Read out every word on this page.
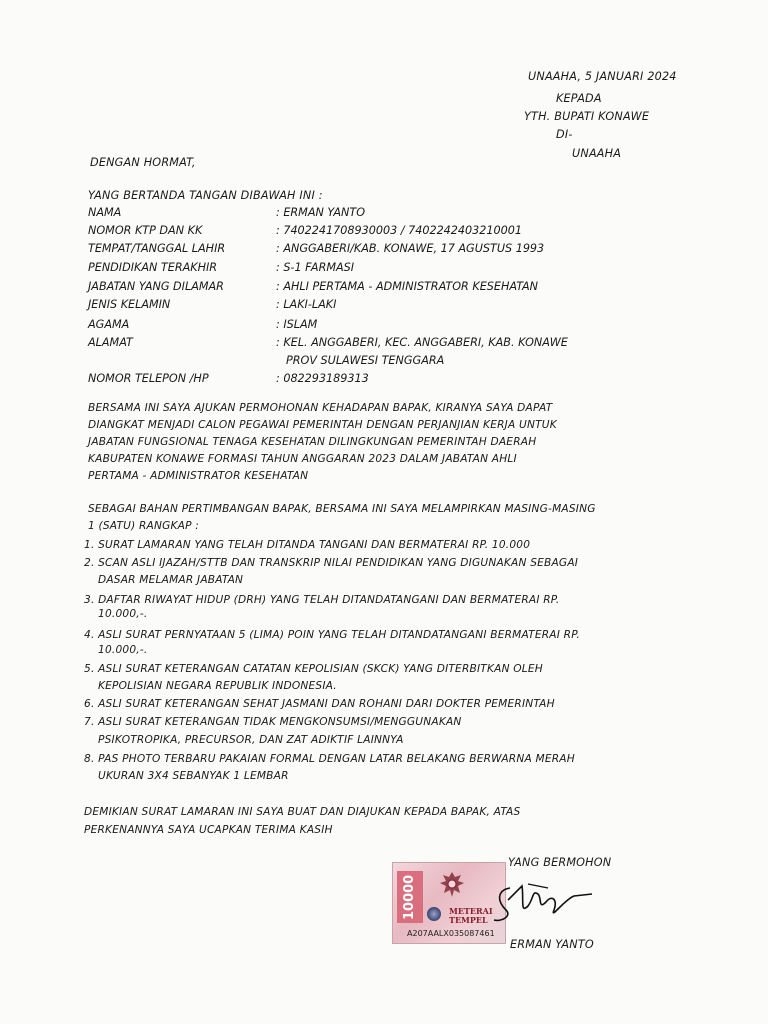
UNAAHA, 5 JANUARI 2024
KEPADA
YTH. BUPATI KONAWE
DI-
UNAAHA
DENGAN HORMAT,
YANG BERTANDA TANGAN DIBAWAH INI :
NAMA	: ERMAN YANTO
NOMOR KTP DAN KK	: 7402241708930003 / 7402242403210001
TEMPAT/TANGGAL LAHIR	: ANGGABERI/KAB. KONAWE, 17 AGUSTUS 1993
PENDIDIKAN TERAKHIR	: S-1 FARMASI
JABATAN YANG DILAMAR	: AHLI PERTAMA - ADMINISTRATOR KESEHATAN
JENIS KELAMIN	: LAKI-LAKI
AGAMA	: ISLAM
ALAMAT	: KEL. ANGGABERI, KEC. ANGGABERI, KAB. KONAWE
PROV SULAWESI TENGGARA
NOMOR TELEPON /HP	: 082293189313
BERSAMA INI SAYA AJUKAN PERMOHONAN KEHADAPAN BAPAK, KIRANYA SAYA DAPAT
DIANGKAT MENJADI CALON PEGAWAI PEMERINTAH DENGAN PERJANJIAN KERJA UNTUK
JABATAN FUNGSIONAL TENAGA KESEHATAN DILINGKUNGAN PEMERINTAH DAERAH
KABUPATEN KONAWE FORMASI TAHUN ANGGARAN 2023 DALAM JABATAN AHLI
PERTAMA - ADMINISTRATOR KESEHATAN
SEBAGAI BAHAN PERTIMBANGAN BAPAK, BERSAMA INI SAYA MELAMPIRKAN MASING-MASING
1 (SATU) RANGKAP :
1. SURAT LAMARAN YANG TELAH DITANDA TANGANI DAN BERMATERAI RP. 10.000
2. SCAN ASLI IJAZAH/STTB DAN TRANSKRIP NILAI PENDIDIKAN YANG DIGUNAKAN SEBAGAI
DASAR MELAMAR JABATAN
3. DAFTAR RIWAYAT HIDUP (DRH) YANG TELAH DITANDATANGANI DAN BERMATERAI RP.
10.000,-.
4. ASLI SURAT PERNYATAAN 5 (LIMA) POIN YANG TELAH DITANDATANGANI BERMATERAI RP.
10.000,-.
5. ASLI SURAT KETERANGAN CATATAN KEPOLISIAN (SKCK) YANG DITERBITKAN OLEH
KEPOLISIAN NEGARA REPUBLIK INDONESIA.
6. ASLI SURAT KETERANGAN SEHAT JASMANI DAN ROHANI DARI DOKTER PEMERINTAH
7. ASLI SURAT KETERANGAN TIDAK MENGKONSUMSI/MENGGUNAKAN
PSIKOTROPIKA, PRECURSOR, DAN ZAT ADIKTIF LAINNYA
8. PAS PHOTO TERBARU PAKAIAN FORMAL DENGAN LATAR BELAKANG BERWARNA MERAH
UKURAN 3X4 SEBANYAK 1 LEMBAR
DEMIKIAN SURAT LAMARAN INI SAYA BUAT DAN DIAJUKAN KEPADA BAPAK, ATAS
PERKENANNYA SAYA UCAPKAN TERIMA KASIH
YANG BERMOHON
10000	METERAI
TEMPEL
A207AALX035087461
ERMAN YANTO
